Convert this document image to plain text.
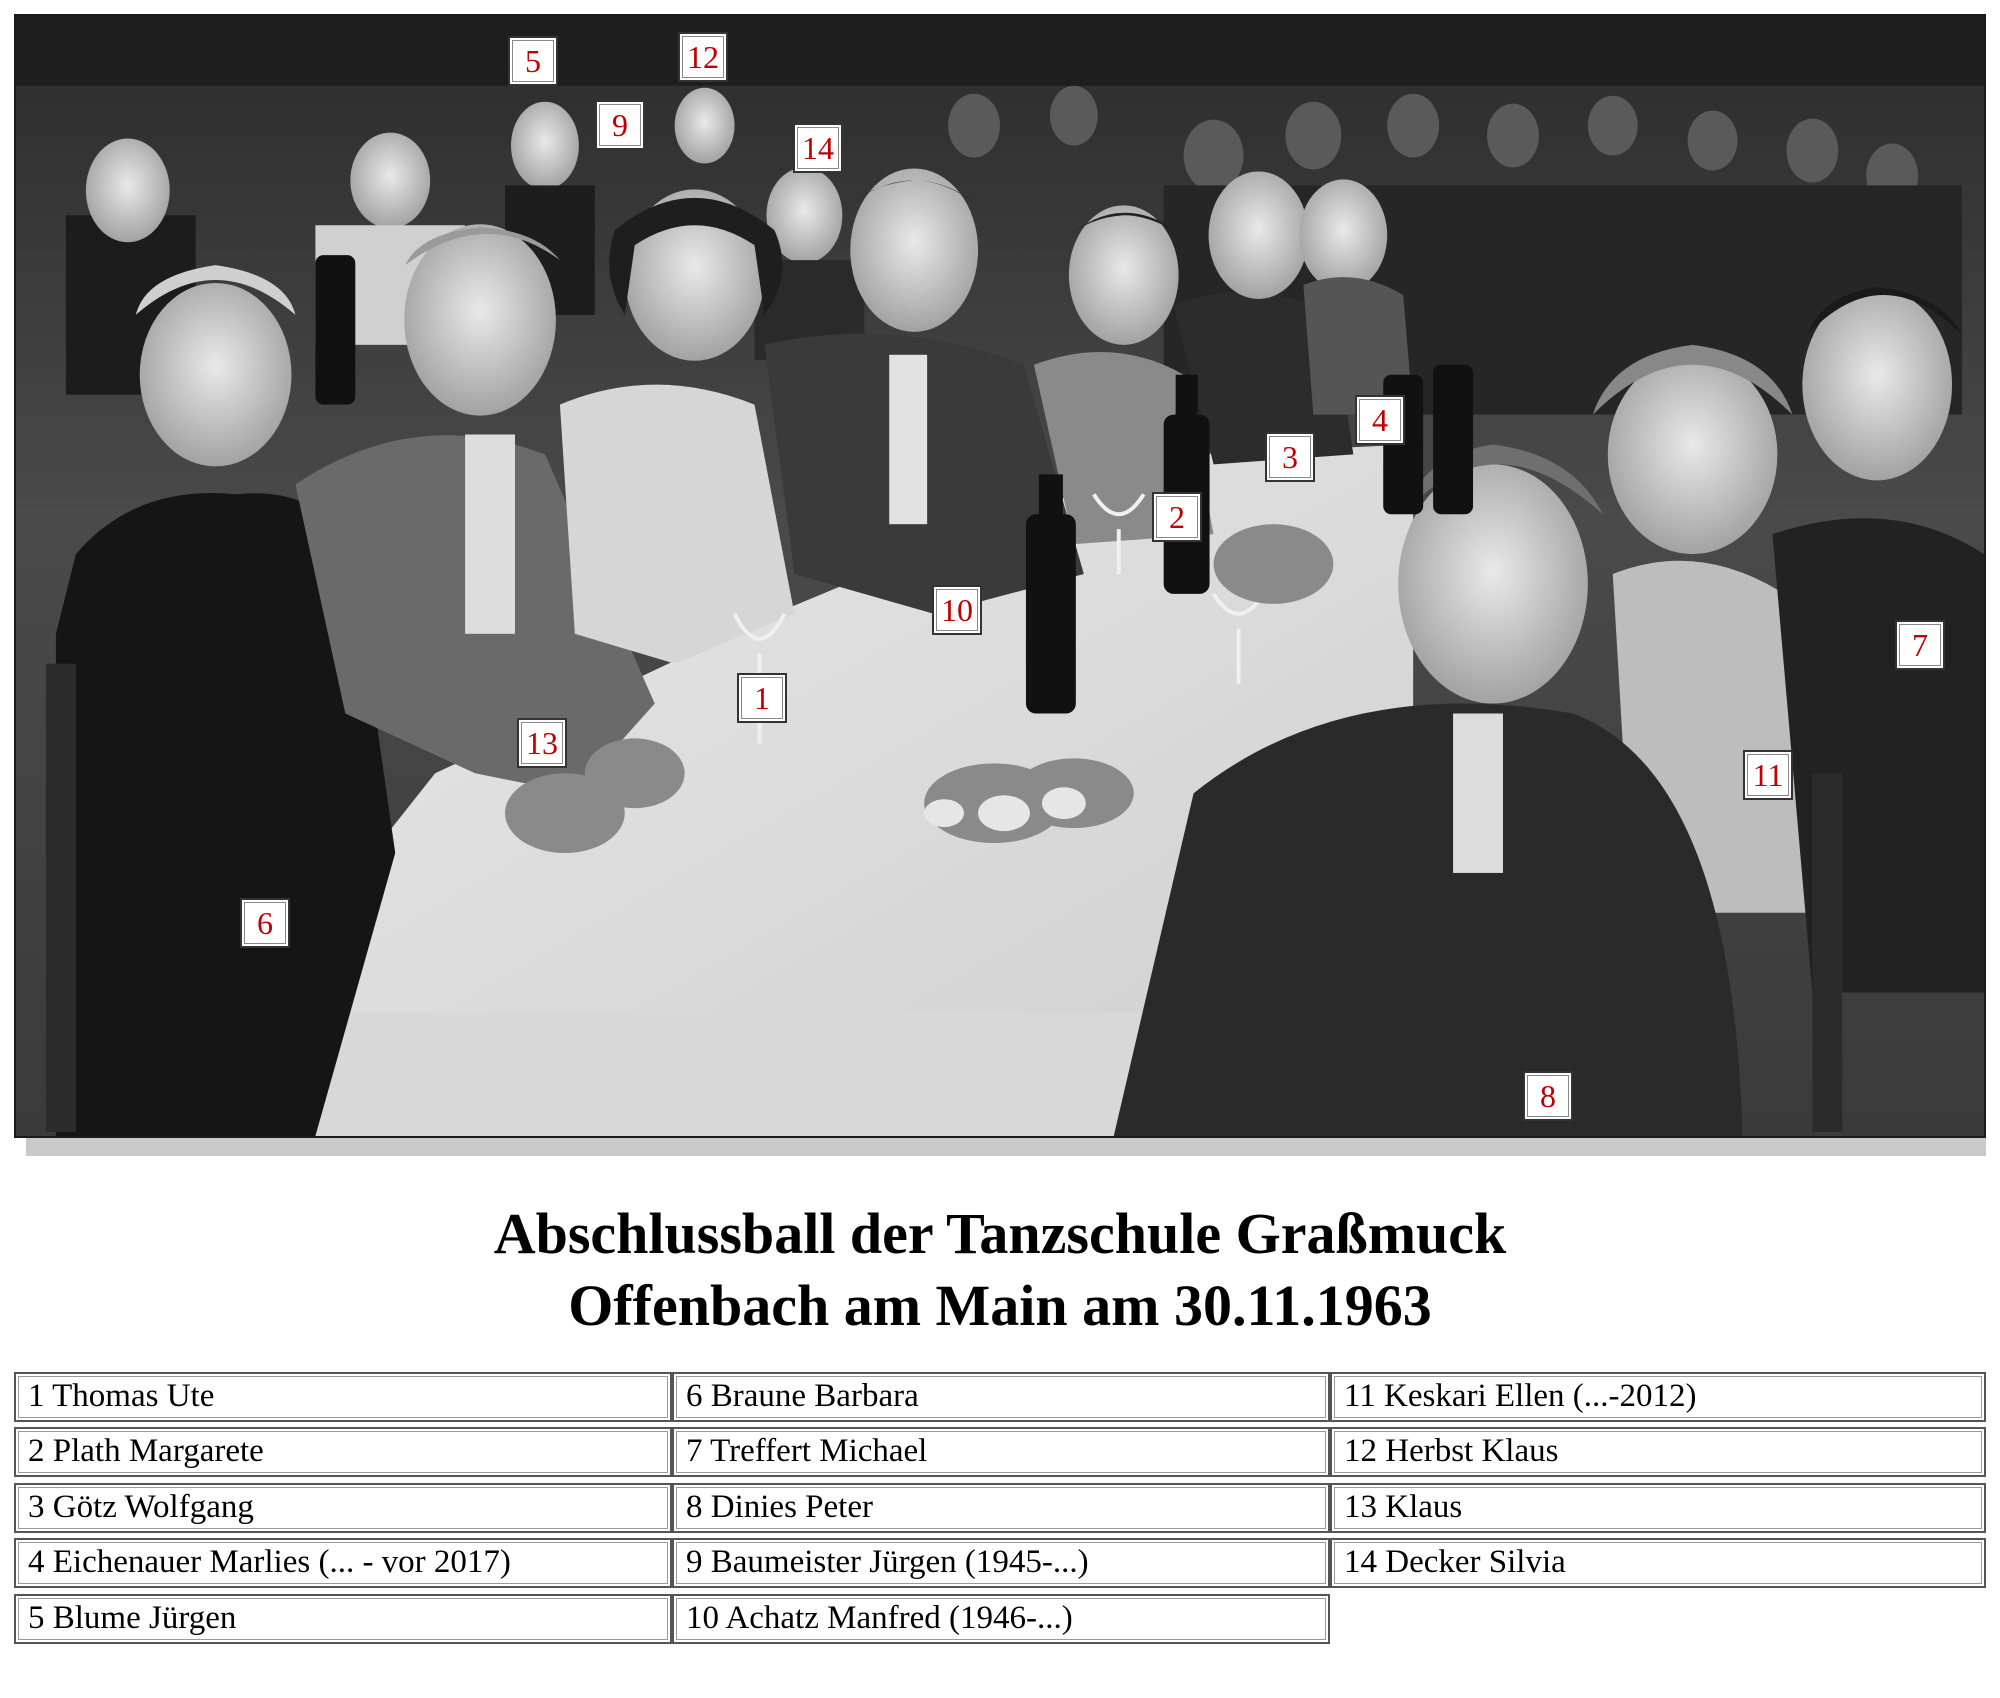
1
2
3
4
5
6
7
8
9
10
11
12
13
14
Abschlussball der Tanzschule Graßmuck
Offenbach am Main am 30.11.1963
1 Thomas Ute
2 Plath Margarete
3 Götz Wolfgang
4 Eichenauer Marlies (... - vor 2017)
5 Blume Jürgen
6 Braune Barbara
7 Treffert Michael
8 Dinies Peter
9 Baumeister Jürgen (1945-...)
10 Achatz Manfred (1946-...)
11 Keskari Ellen (...-2012)
12 Herbst Klaus
13 Klaus
14 Decker Silvia
